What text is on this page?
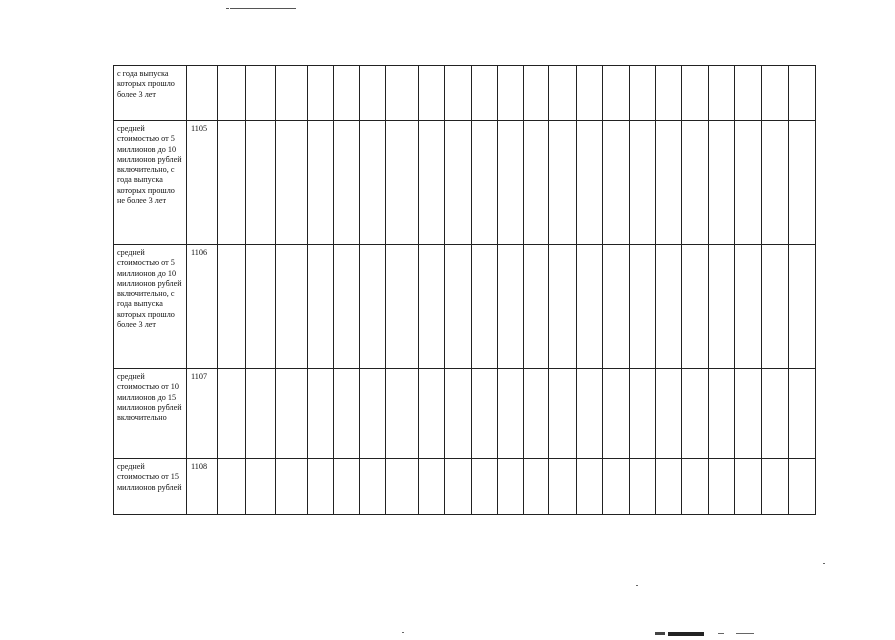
с года выпуска которых прошло более 3 лет																							
средней стоимостью от 5 миллионов до 10 миллионов рублей включительно, с года выпуска которых прошло не более 3 лет	1105																						
средней стоимостью от 5 миллионов до 10 миллионов рублей включительно, с года выпуска которых прошло более 3 лет	1106																						
средней стоимостью от 10 миллионов до 15 миллионов рублей включительно	1107																						
средней стоимостью от 15 миллионов рублей	1108																						
